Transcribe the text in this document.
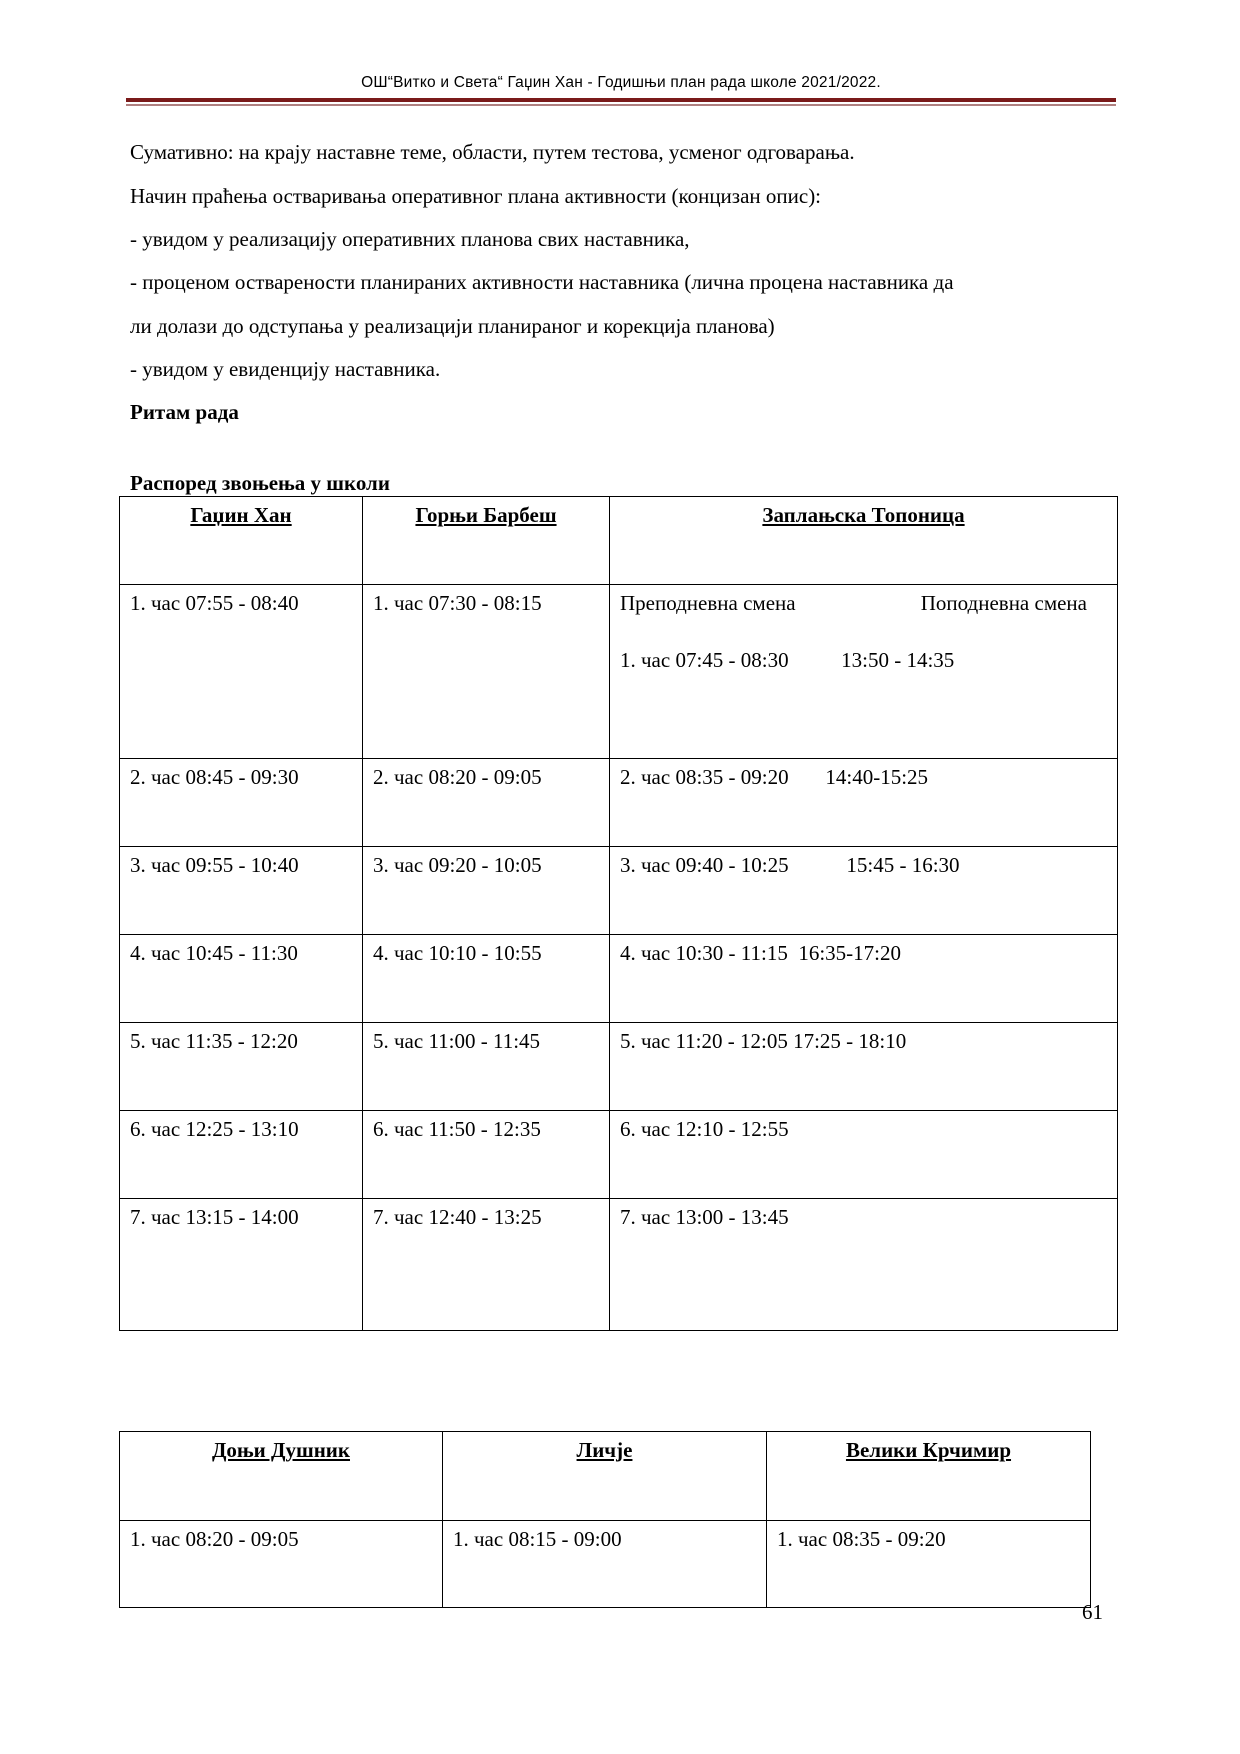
ОШ“Витко и Света“ Гаџин Хан - Годишњи план рада школе 2021/2022.
Сумативно: на крају наставне теме, области, путем тестова, усменог одговарања.
Начин праћења остваривања оперативног плана активности (концизан опис):
- увидом у реализацију оперативних планова свих наставника,
- проценом остварености планираних активности наставника (лична процена наставника да
ли долази до одступања у реализацији планираног и корекција планова)
- увидом у евиденцију наставника.
Ритам рада
Распоред звоњења у школи
Гаџин Хан	Горњи Барбеш	Заплањска Топоница

1. час 07:55 - 08:40	1. час 07:30 - 08:15	Преподневна смена Поподневна смена
1. час 07:45 - 08:30          13:50 - 14:35

2. час 08:45 - 09:30	2. час 08:20 - 09:05	2. час 08:35 - 09:20       14:40-15:25

3. час 09:55 - 10:40	3. час 09:20 - 10:05	3. час 09:40 - 10:25           15:45 - 16:30

4. час 10:45 - 11:30	4. час 10:10 - 10:55	4. час 10:30 - 11:15  16:35-17:20

5. час 11:35 - 12:20	5. час 11:00 - 11:45	5. час 11:20 - 12:05 17:25 - 18:10

6. час 12:25 - 13:10	6. час 11:50 - 12:35	6. час 12:10 - 12:55

7. час 13:15 - 14:00	7. час 12:40 - 13:25	7. час 13:00 - 13:45
Доњи Душник	Личје	Велики Крчимир

1. час 08:20 - 09:05	1. час 08:15 - 09:00	1. час 08:35 - 09:20
61
